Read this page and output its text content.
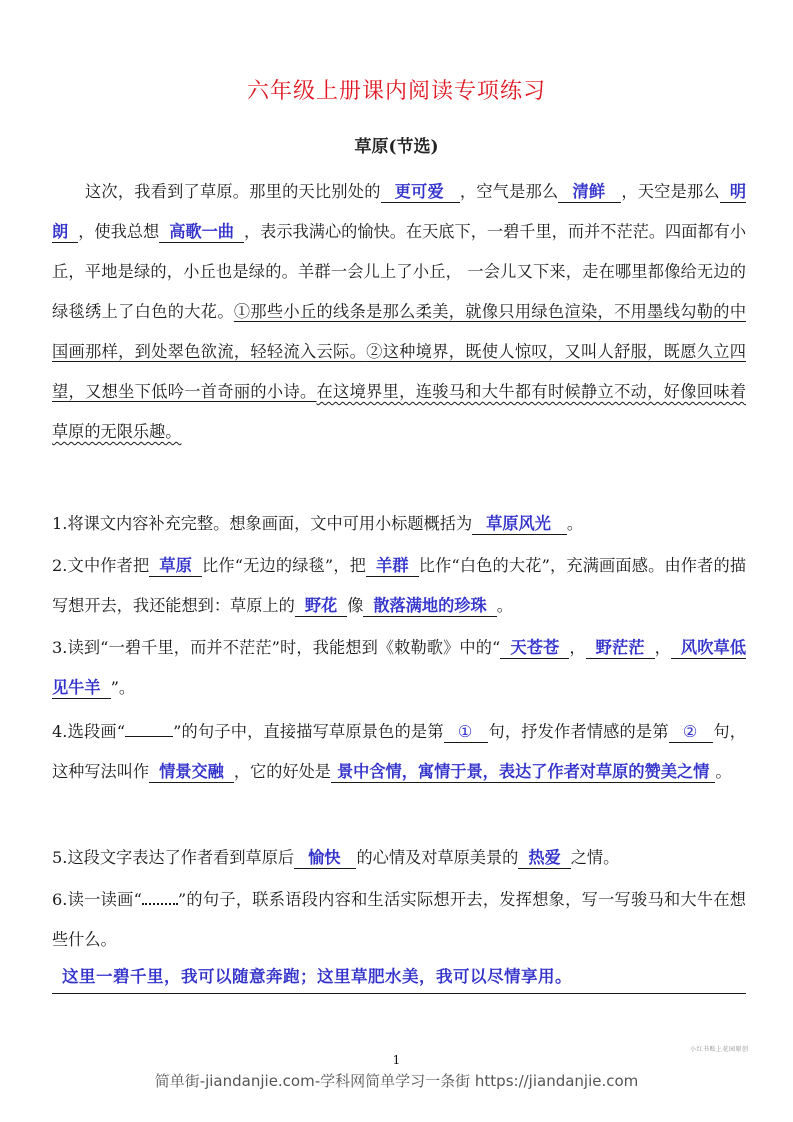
六年级上册课内阅读专项练习
草原(节选)

这次，我看到了草原。那里的天比别处的 更可爱 ，空气是那么 清鲜 ，天空是那么 明朗 ，使我总想 高歌一曲 ，表示我满心的愉快。在天底下，一碧千里，而并不茫茫。四面都有小丘，平地是绿的，小丘也是绿的。羊群一会儿上了小丘， 一会儿又下来，走在哪里都像给无边的绿毯绣上了白色的大花。①那些小丘的线条是那么柔美，就像只用绿色渲染，不用墨线勾勒的中国画那样，到处翠色欲流，轻轻流入云际。②这种境界，既使人惊叹，又叫人舒服，既愿久立四望，又想坐下低吟一首奇丽的小诗。在这境界里，连骏马和大牛都有时候静立不动，好像回味着草原的无限乐趣。

1.将课文内容补充完整。想象画面，文中可用小标题概括为 草原风光 。
2.文中作者把 草原 比作“无边的绿毯”，把 羊群 比作“白色的大花”，充满画面感。由作者的描写想开去，我还能想到：草原上的 野花 像 散落满地的珍珠 。
3.读到“一碧千里，而并不茫茫”时，我能想到《敕勒歌》中的“ 天苍苍 ， 野茫茫 ， 风吹草低见牛羊 ”。
4.选段画“	”的句子中，直接描写草原景色的是第 ① 句，抒发作者情感的是第 ② 句，这种写法叫作 情景交融 ，它的好处是 景中含情，寓情于景，表达了作者对草原的赞美之情 。
5.这段文字表达了作者看到草原后 愉快 的心情及对草原美景的 热爱 之情。
6.读一读画“ ”的句子，联系语段内容和生活实际想开去，发挥想象，写一写骏马和大牛在想些什么。
这里一碧千里，我可以随意奔跑；这里草肥水美，我可以尽情享用。
小红书账上花园原创
1
简单街-jiandanjie.com-学科网简单学习一条街 https://jiandanjie.com
